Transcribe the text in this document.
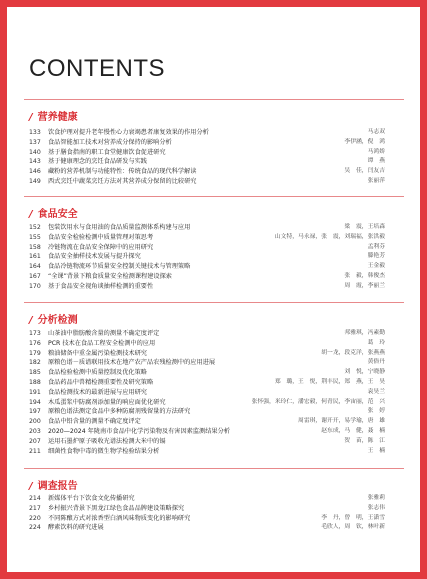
CONTENTS
/ 营养健康
133 饮食护理对提升老年慢性心力衰竭患者康复效果的作用分析	马志双
137 食品智能加工技术对营养成分保持的影响分析	李伊涵，倪　鸿
140 基于膳食指南的职工食堂健康饮食促进研究	马鸿娇
143 基于健康理念的烹饪食品研发与实践	谭　燕
146 藏粉的营养机制与功能特性：传统食品的现代科学解读	吴　佳，闫友吉
149 西式烹饪中蔬菜烹饪方法对其营养成分保留的比较研究	张丽萍
/ 食品安全
152 包装饮用水与食用油的食品质量监测体系构建与应用	梁　震，王培森
155 食品安全检验检测中质量管理对策思考	山文特，马永禄，张　震，刘瑞福，张洪毅
158 冷链物流在食品安全保障中的应用研究	孟利芬
161 食品安全抽样技术发展与提升探究	滕艳芳
164 食品冷链物流环节质量安全控制关键技术与管理策略	王金毅
167 “全课”背景下粮食质量安全检测课程建设探索	张　毅，韩俊杰
170 基于食品安全视角谈抽样检测的重要性	周　霞，李丽兰
/ 分析检测
173 山茶油中脂肪酸含量的测量不确定度评定	邦雅琪，冯素勤
176 PCR 技术在食品工程安全检测中的应用	葛　玲
179 粮油储备中重金属污染检测技术研究	胡一龙，段克洋，张燕燕
182 原粮色谱－质谱联用技术在地产农产品农残检测中的应用进展	黄俗丹
185 食品检验检测中质量控制及优化策略	刘　悦，宁晓静
188 食品药品中兽精检测重要性及研究策略	郑　璐，王　悦，荆丰民，郑　燕，王　昊
191 食品检测技术的最新进展与应用研究	袁昊兰
194 木瓜蛋浆中防腐剂添加量的响应面优化研究	张怀强，米玲仁，潘宏毅，何青民，李宙丽，范　兴
197 原粮色谱法测定食品中多种防腐剂残留量的方法研究	张　婷
200 食品中铅含量的测量不确定度评定	周雷琪，谢开开，易学瑜，唐　雄
203 2020—2024 年陇南市食品中化学污染物及有害因素监测结果分析	赵东成，马　健，聂　楠
207 运用石墨炉原子吸收光谱法检测大米中的镉	贺　苗，陈　江
211 细菌性食物中毒的微生物学检验结果分析	王　楠
/ 调查报告
214 新媒体平台下饮食文化传播研究	张雅莉
217 乡村振兴背景下黑龙江绿色食品品牌建设策略探究	张志伟
220 不同陈酿方式对浓香型白酒风味物质变化的影响研究	李　丹，曾　明，王潇雪
224 酵素饮料的研究进展	毛欣人，周　钦，林叶新
